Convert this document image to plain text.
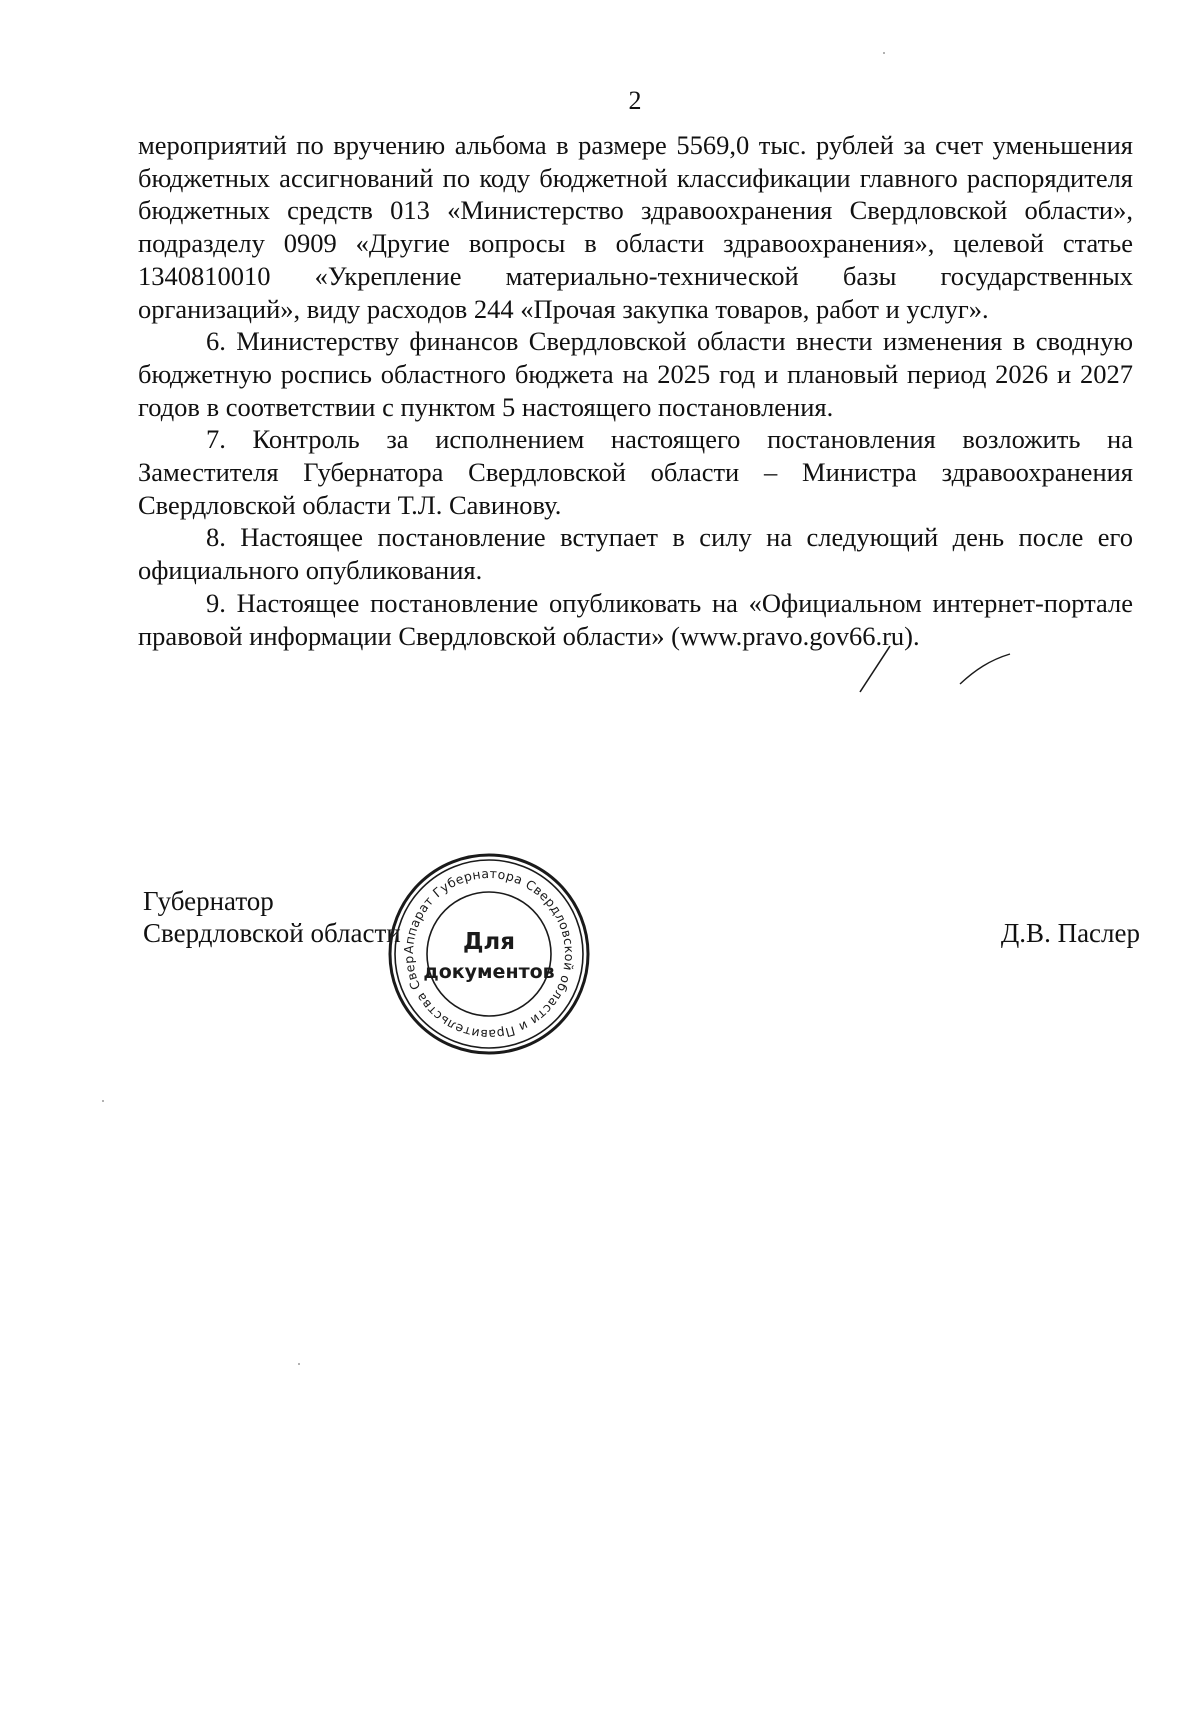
2

мероприятий по вручению альбома в размере 5569,0 тыс. рублей за счет уменьшения бюджетных ассигнований по коду бюджетной классификации главного распорядителя бюджетных средств 013 «Министерство здравоохранения Свердловской области», подразделу 0909 «Другие вопросы в области здравоохранения», целевой статье 1340810010 «Укрепление материально-технической базы государственных организаций», виду расходов 244 «Прочая закупка товаров, работ и услуг».

6. Министерству финансов Свердловской области внести изменения в сводную бюджетную роспись областного бюджета на 2025 год и плановый период 2026 и 2027 годов в соответствии с пунктом 5 настоящего постановления.

7. Контроль за исполнением настоящего постановления возложить на Заместителя Губернатора Свердловской области – Министра здравоохранения Свердловской области Т.Л. Савинову.

8. Настоящее постановление вступает в силу на следующий день после его официального опубликования.

9. Настоящее постановление опубликовать на «Официальном интернет-портале правовой информации Свердловской области» (www.pravo.gov66.ru).

Губернатор
Свердловской области	Д.В. Паслер
Аппарат Губернатора Свердловской области и Правительства Свер
Для
документов
